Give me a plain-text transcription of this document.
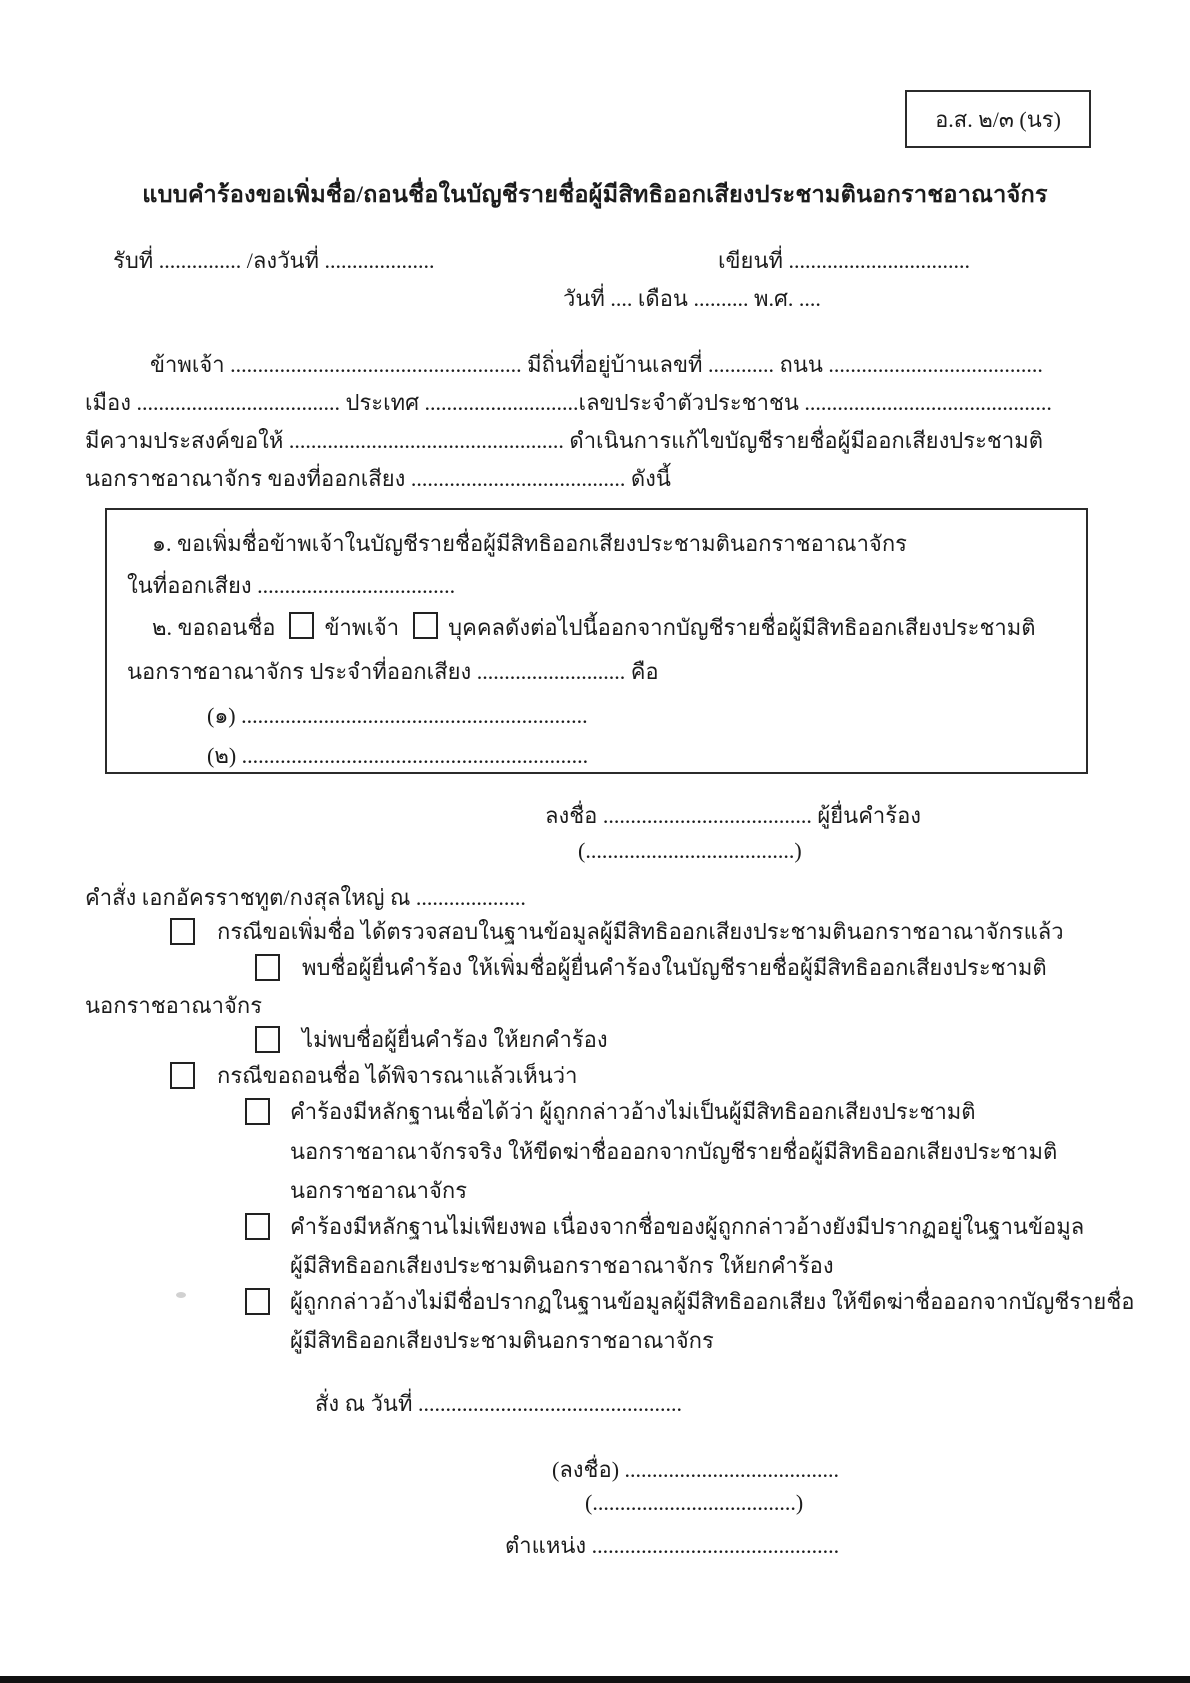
อ.ส. ๒/๓ (นร)
แบบคำร้องขอเพิ่มชื่อ/ถอนชื่อในบัญชีรายชื่อผู้มีสิทธิออกเสียงประชามตินอกราชอาณาจักร
รับที่ ............... /ลงวันที่ ....................	เขียนที่ .................................
วันที่ .... เดือน .......... พ.ศ. ....
ข้าพเจ้า ..................................................... มีถิ่นที่อยู่บ้านเลขที่ ............ ถนน .......................................
เมือง ..................................... ประเทศ ............................เลขประจำตัวประชาชน .............................................
มีความประสงค์ขอให้ .................................................. ดำเนินการแก้ไขบัญชีรายชื่อผู้มีออกเสียงประชามติ
นอกราชอาณาจักร ของที่ออกเสียง ....................................... ดังนี้
๑. ขอเพิ่มชื่อข้าพเจ้าในบัญชีรายชื่อผู้มีสิทธิออกเสียงประชามตินอกราชอาณาจักร
ในที่ออกเสียง ....................................
๒. ขอถอนชื่อ ข้าพเจ้า บุคคลดังต่อไปนี้ออกจากบัญชีรายชื่อผู้มีสิทธิออกเสียงประชามติ
นอกราชอาณาจักร ประจำที่ออกเสียง ........................... คือ
(๑) ...............................................................
(๒) ...............................................................
ลงชื่อ ...................................... ผู้ยื่นคำร้อง
(......................................)
คำสั่ง เอกอัครราชทูต/กงสุลใหญ่ ณ ....................
กรณีขอเพิ่มชื่อ ได้ตรวจสอบในฐานข้อมูลผู้มีสิทธิออกเสียงประชามตินอกราชอาณาจักรแล้ว
พบชื่อผู้ยื่นคำร้อง ให้เพิ่มชื่อผู้ยื่นคำร้องในบัญชีรายชื่อผู้มีสิทธิออกเสียงประชามติ
นอกราชอาณาจักร
ไม่พบชื่อผู้ยื่นคำร้อง ให้ยกคำร้อง
กรณีขอถอนชื่อ ได้พิจารณาแล้วเห็นว่า
คำร้องมีหลักฐานเชื่อได้ว่า ผู้ถูกกล่าวอ้างไม่เป็นผู้มีสิทธิออกเสียงประชามติ
นอกราชอาณาจักรจริง ให้ขีดฆ่าชื่อออกจากบัญชีรายชื่อผู้มีสิทธิออกเสียงประชามติ
นอกราชอาณาจักร
คำร้องมีหลักฐานไม่เพียงพอ เนื่องจากชื่อของผู้ถูกกล่าวอ้างยังมีปรากฏอยู่ในฐานข้อมูล
ผู้มีสิทธิออกเสียงประชามตินอกราชอาณาจักร ให้ยกคำร้อง
ผู้ถูกกล่าวอ้างไม่มีชื่อปรากฏในฐานข้อมูลผู้มีสิทธิออกเสียง ให้ขีดฆ่าชื่อออกจากบัญชีรายชื่อ
ผู้มีสิทธิออกเสียงประชามตินอกราชอาณาจักร
สั่ง ณ วันที่ ................................................
(ลงชื่อ) .......................................
(.....................................)
ตำแหน่ง .............................................
